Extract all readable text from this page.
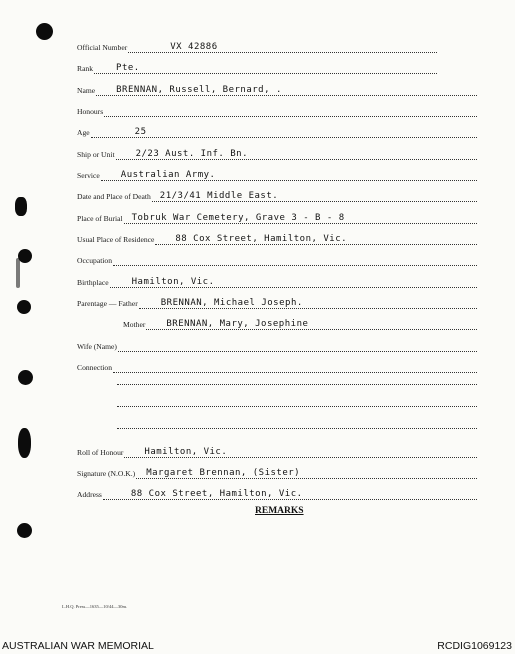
Official Number	VX 42886
Rank	Pte.
Name BRENNAN, Russell, Bernard, .
Honours
Age	25
Ship or Unit 2/23 Aust. Inf. Bn.
Service Australian Army.
Date and Place of Death 21/3/41 Middle East.
Place of Burial Tobruk War Cemetery, Grave 3 - B - 8
Usual Place of Residence 88 Cox Street, Hamilton, Vic.
Occupation
Birthplace	Hamilton, Vic.
Parentage — Father	BRENNAN, Michael Joseph.
Mother BRENNAN, Mary, Josephine
Wife (Name)
Connection
Roll of Honour Hamilton, Vic.
Signature (N.O.K.) Margaret Brennan, (Sister)
Address	88 Cox Street, Hamilton, Vic.
REMARKS
L.H.Q. Press—1635—10/44—30m.
AUSTRALIAN WAR MEMORIAL	RCDIG1069123
